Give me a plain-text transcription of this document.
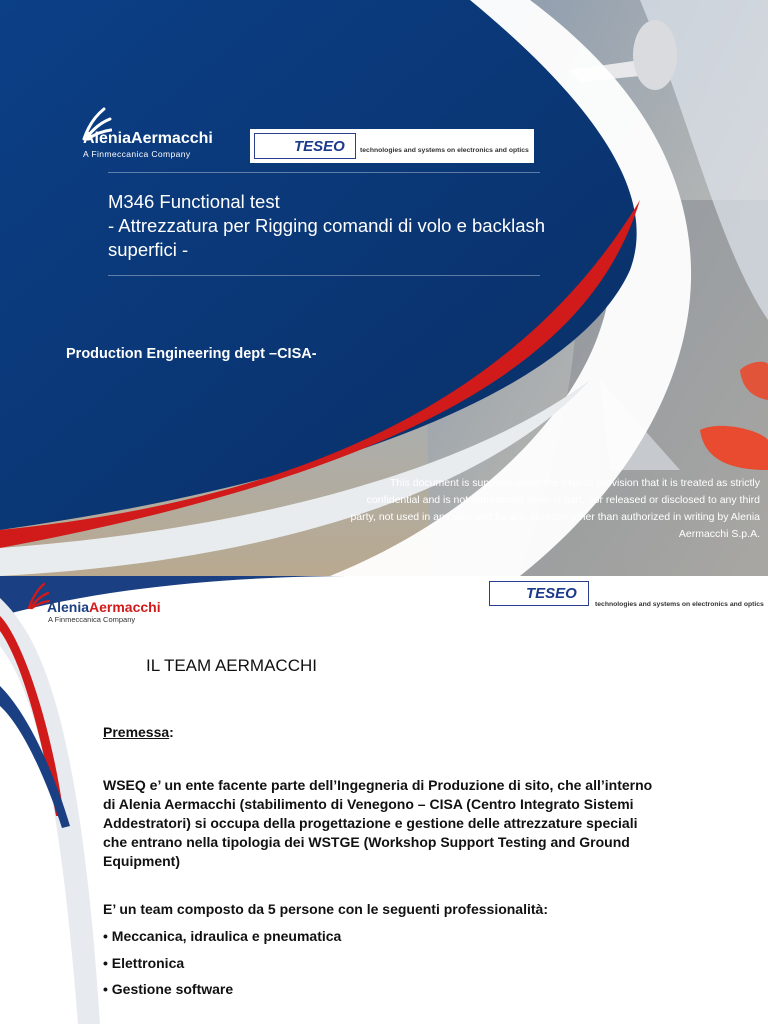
AleniaAermacchi
A Finmeccanica Company	TESEO technologies and systems on electronics and optics
M346 Functional test
- Attrezzatura per Rigging comandi di volo e backlash superfici -
Production Engineering dept –CISA-
This document is supplied under the explicit provision that it is treated as strictly confidential and is not reproduced even in part, nor released or disclosed to any third party, not used in any way and for any purpose other than authorized in writing by Alenia Aermacchi S.p.A.
AleniaAermacchi
A Finmeccanica Company
TESEO
technologies and systems on electronics and optics
IL TEAM AERMACCHI
Premessa:
WSEQ e’ un ente facente parte dell’Ingegneria di Produzione di sito, che all’interno di Alenia Aermacchi (stabilimento di Venegono – CISA (Centro Integrato Sistemi Addestratori) si occupa della progettazione e gestione delle attrezzature speciali che entrano nella tipologia dei WSTGE (Workshop Support Testing and Ground Equipment)
E’ un team composto da 5 persone con le seguenti professionalità:
• Meccanica, idraulica e pneumatica
• Elettronica
• Gestione software
